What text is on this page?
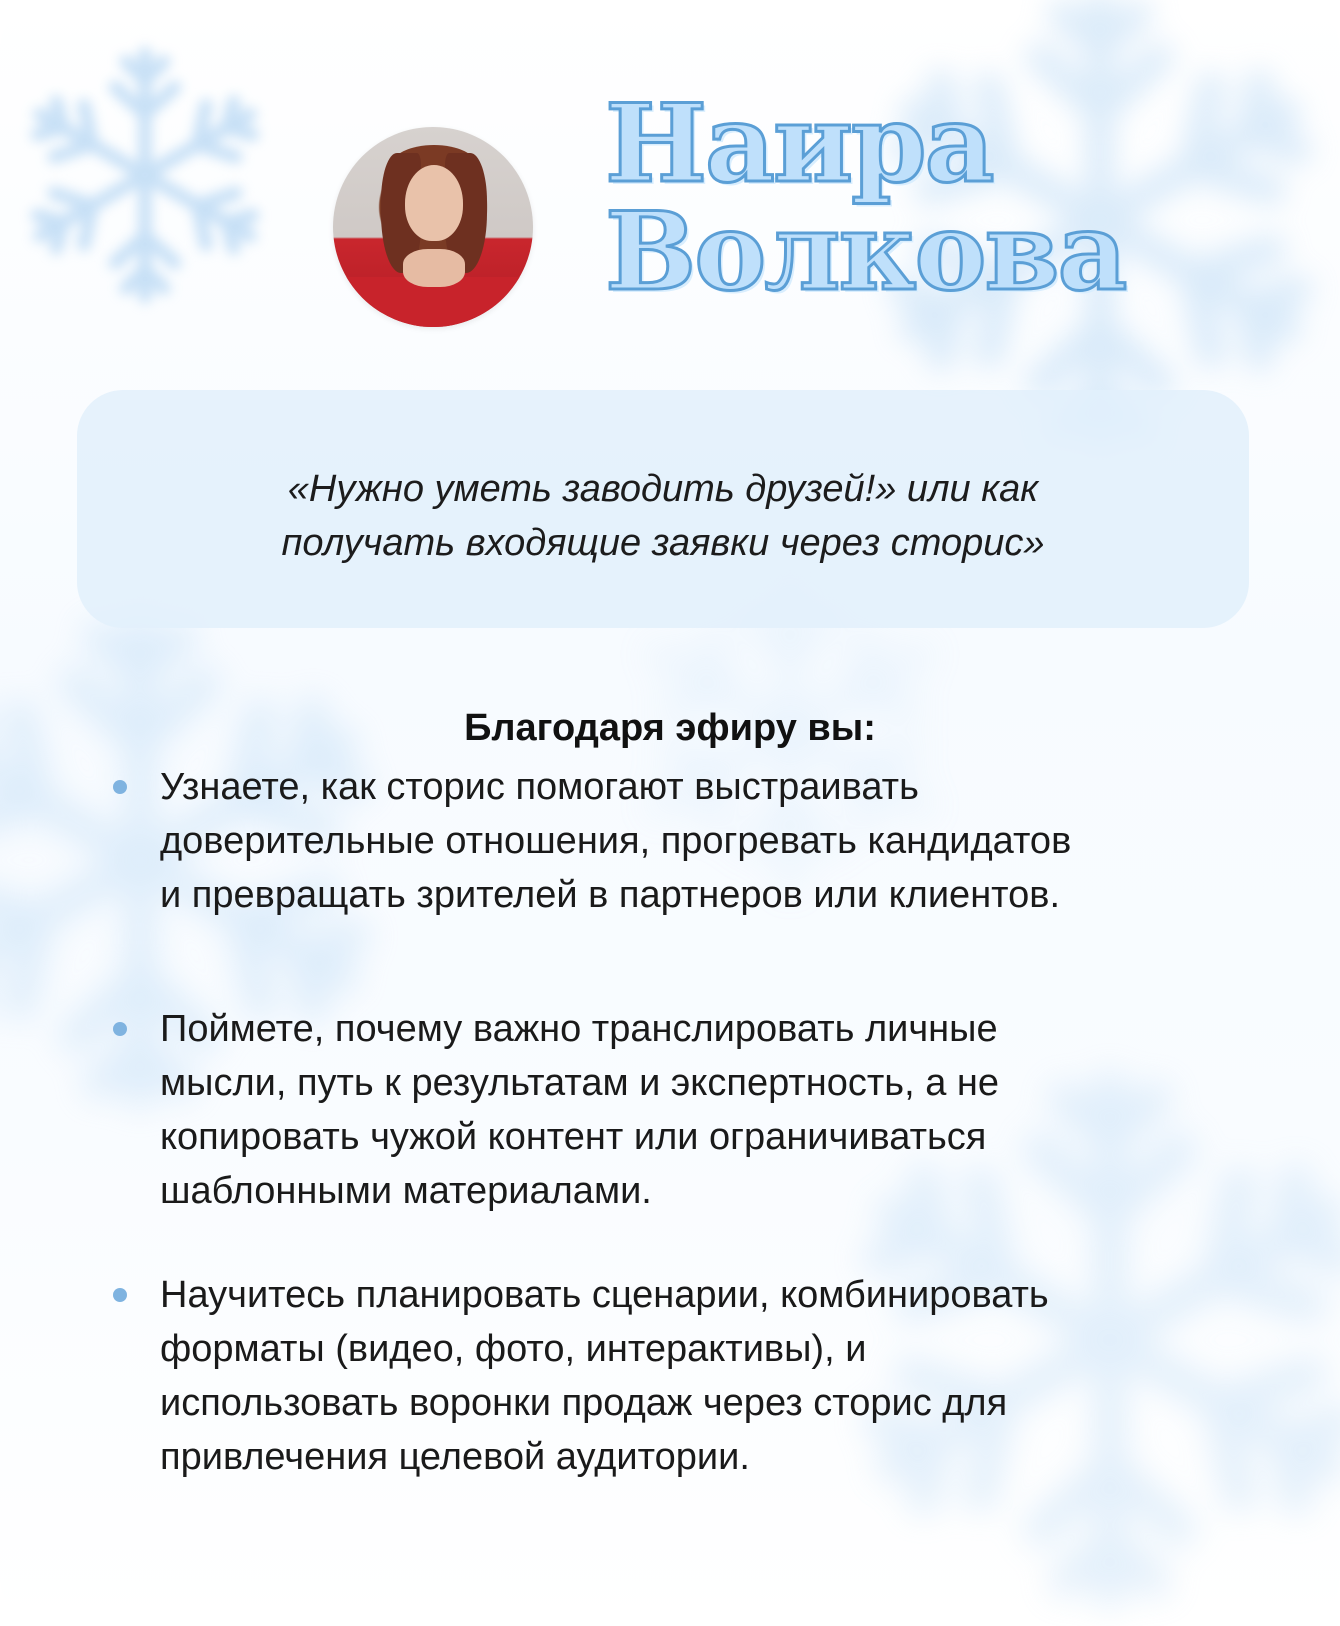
Наира
Волкова
«Нужно уметь заводить друзей!» или как
получать входящие заявки через сторис»
Благодаря эфиру вы:
Узнаете, как сторис помогают выстраивать
доверительные отношения, прогревать кандидатов
и превращать зрителей в партнеров или клиентов.
Поймете, почему важно транслировать личные
мысли, путь к результатам и экспертность, а не
копировать чужой контент или ограничиваться
шаблонными материалами.
Научитесь планировать сценарии, комбинировать
форматы (видео, фото, интерактивы), и
использовать воронки продаж через сторис для
привлечения целевой аудитории.
